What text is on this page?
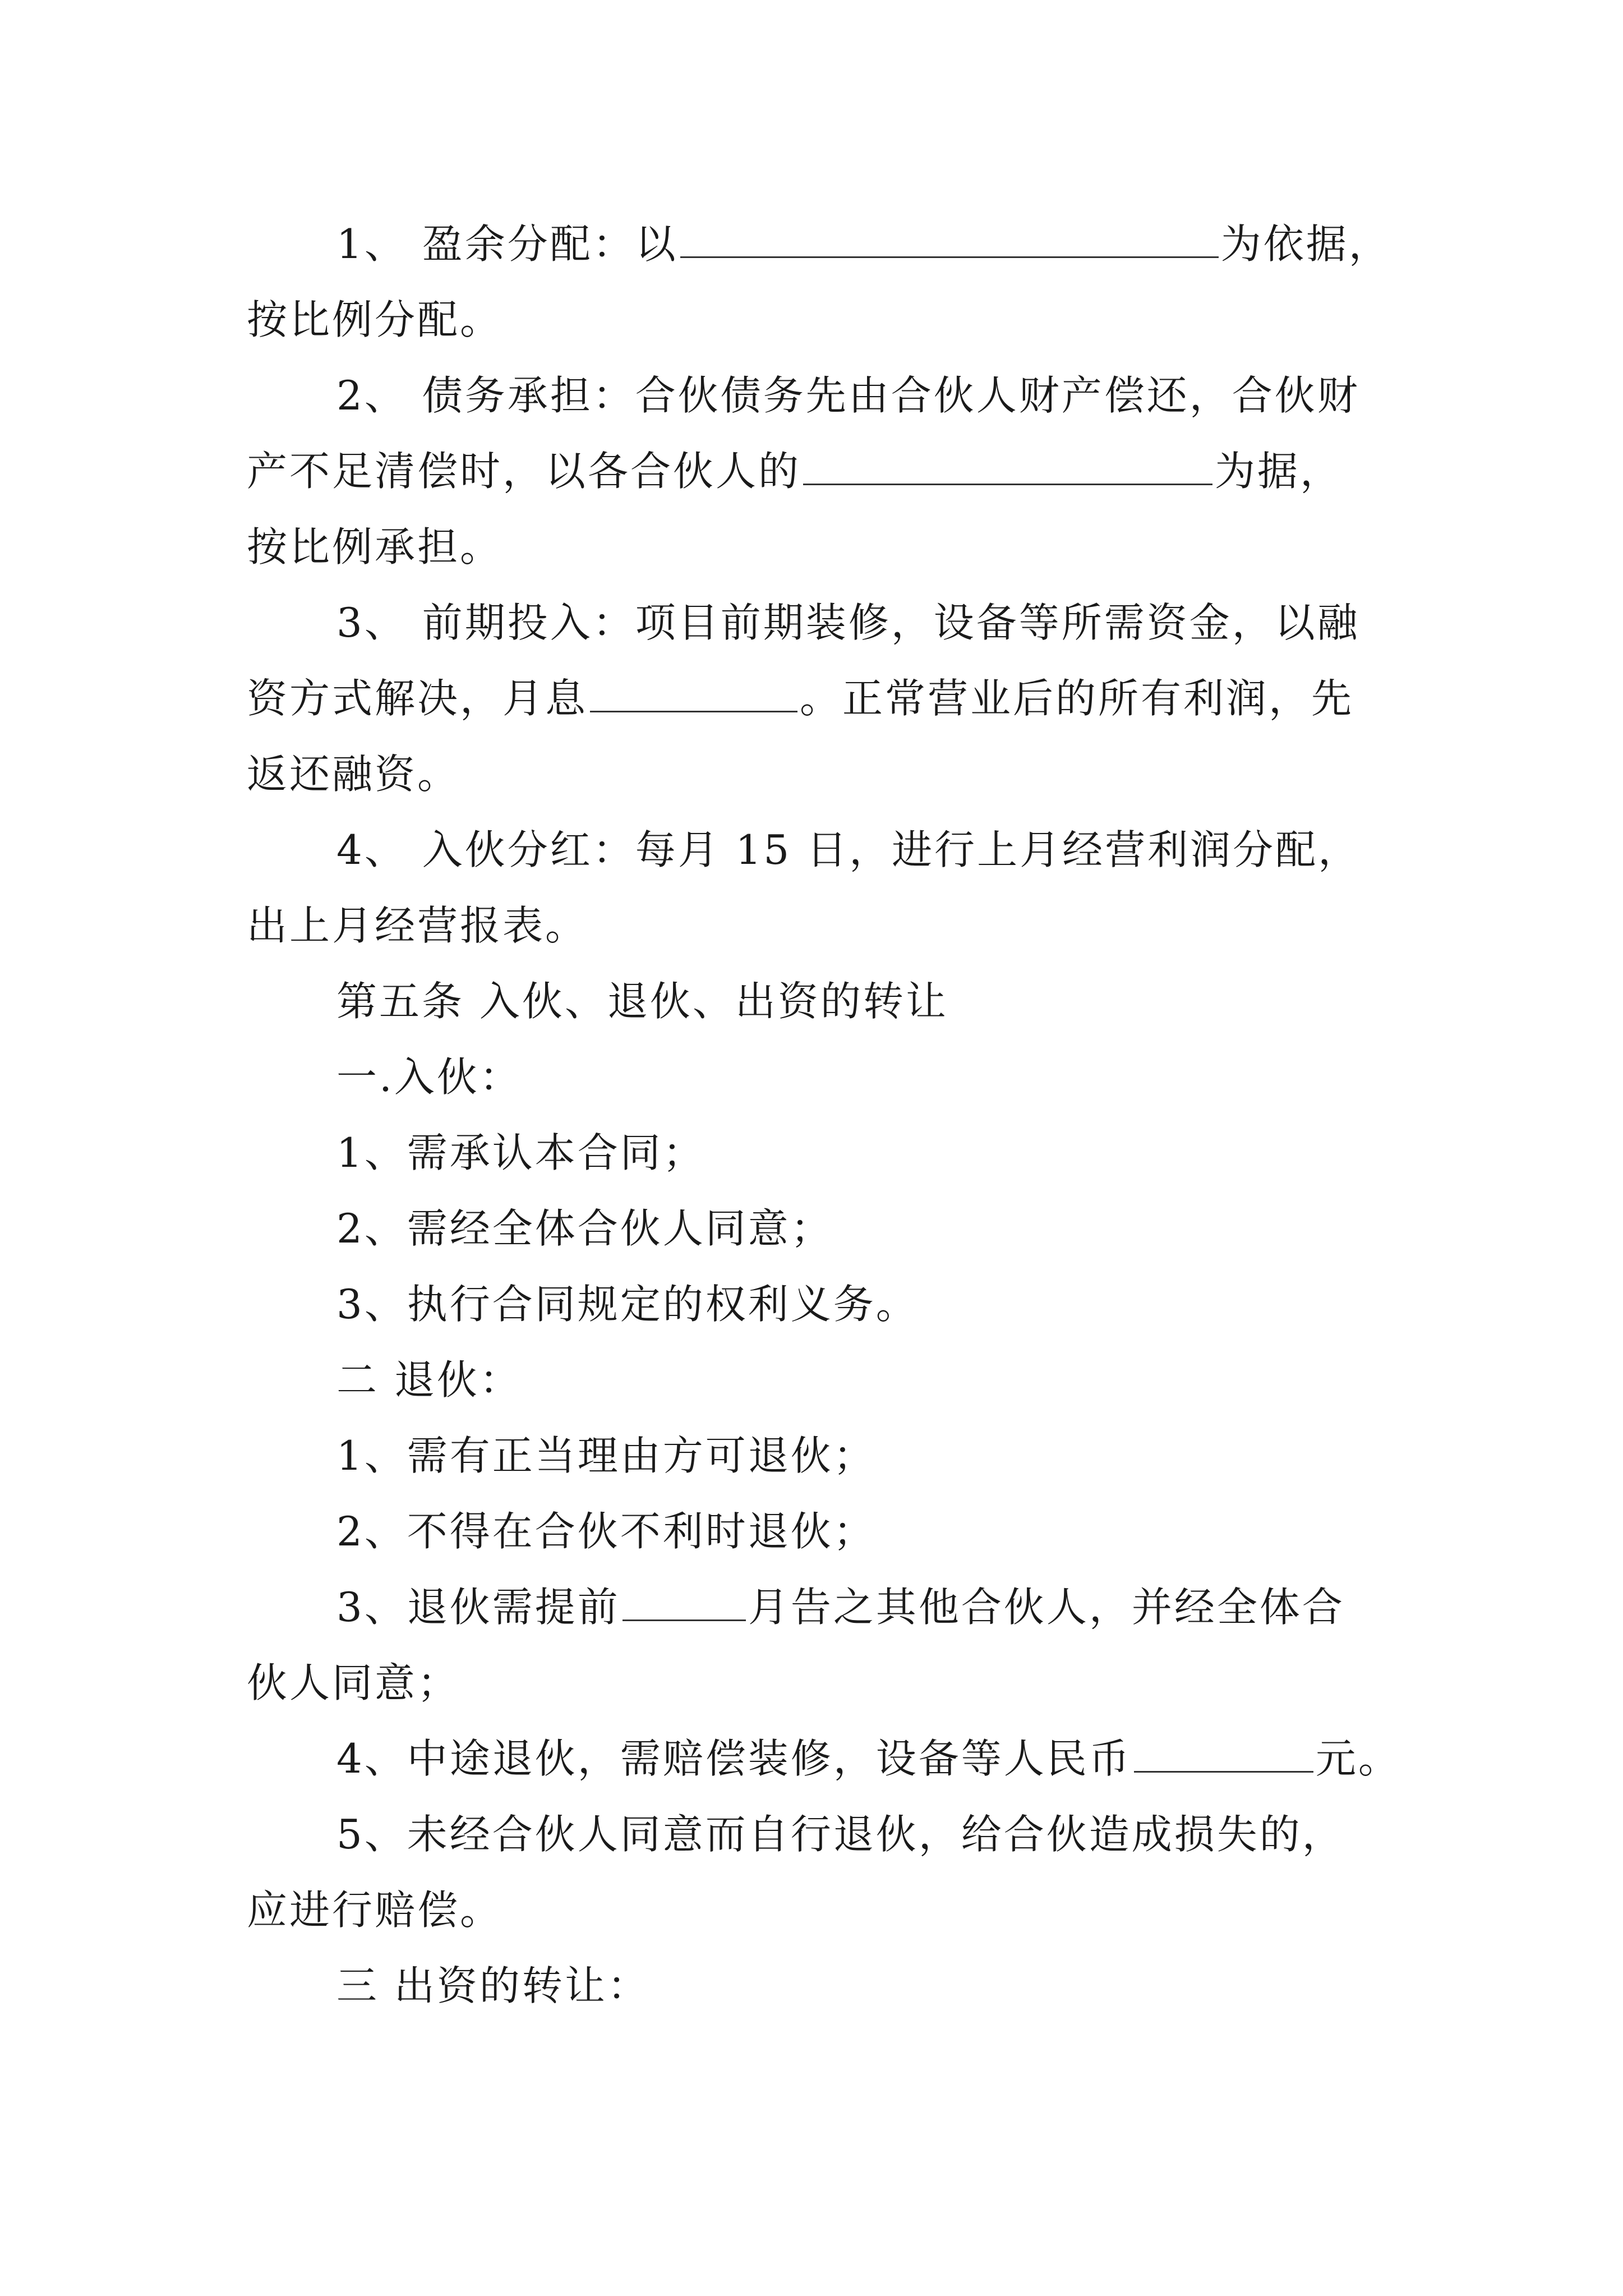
1、 盈余分配：以	为依据，
按比例分配。
2、 债务承担：合伙债务先由合伙人财产偿还，合伙财
产不足清偿时，以各合伙人的	为据，
按比例承担。
3、 前期投入：项目前期装修，设备等所需资金，以融
资方式解决，月息	。正常营业后的所有利润，先
返还融资。
4、 入伙分红：每月 15 日，进行上月经营利润分配，
出上月经营报表。
第五条 入伙、退伙、出资的转让
一.入伙：
1、需承认本合同；
2、需经全体合伙人同意；
3、执行合同规定的权利义务。
二 退伙：
1、需有正当理由方可退伙；
2、不得在合伙不利时退伙；
3、退伙需提前	月告之其他合伙人，并经全体合
伙人同意；
4、中途退伙，需赔偿装修，设备等人民币	元。
5、未经合伙人同意而自行退伙，给合伙造成损失的，
应进行赔偿。
三 出资的转让：
